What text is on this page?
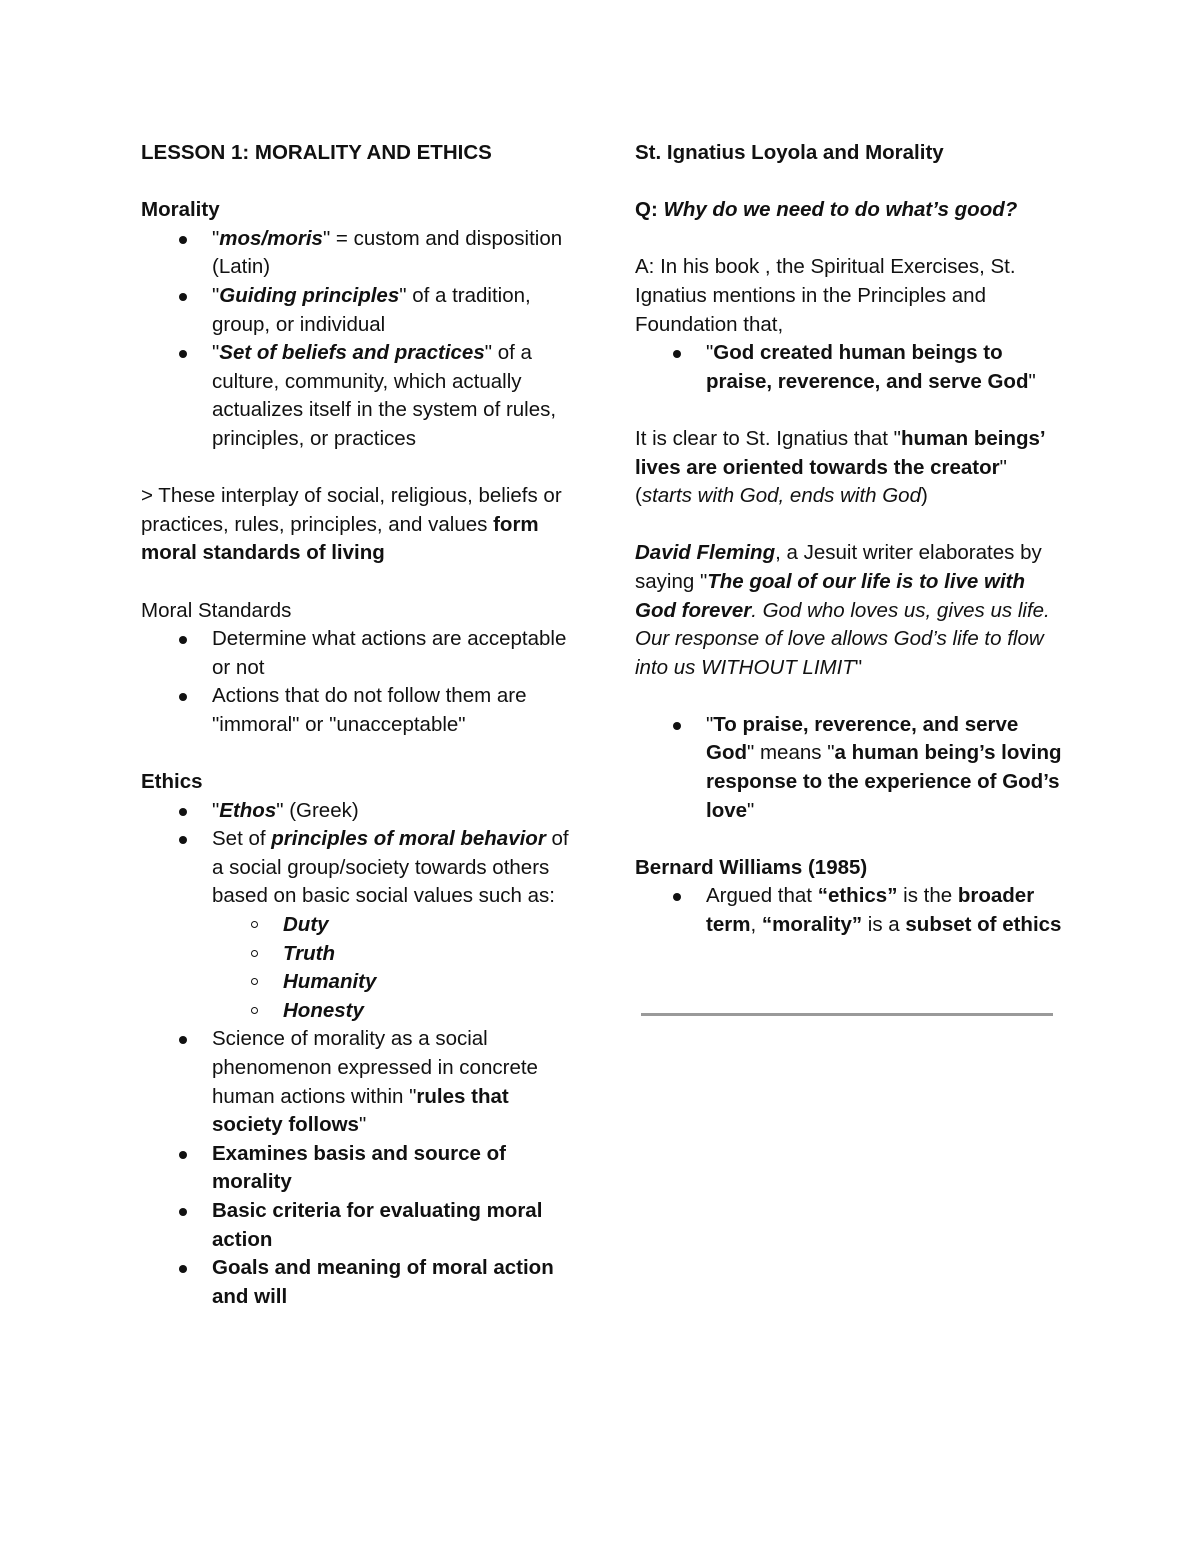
LESSON 1: MORALITY AND ETHICS

Morality

"mos/moris" = custom and disposition (Latin)
"Guiding principles" of a tradition, group, or individual
"Set of beliefs and practices" of a culture, community, which actually actualizes itself in the system of rules, principles, or practices

> These interplay of social, religious, beliefs or practices, rules, principles, and values form moral standards of living

Moral Standards

Determine what actions are acceptable or not
Actions that do not follow them are "immoral" or "unacceptable"

Ethics

"Ethos" (Greek)
Set of principles of moral behavior of a social group/society towards others based on basic social values such as:
Duty
Truth
Humanity
Honesty
Science of morality as a social phenomenon expressed in concrete human actions within "rules that society follows"
Examines basis and source of morality
Basic criteria for evaluating moral action
Goals and meaning of moral action and will

St. Ignatius Loyola and Morality

Q: Why do we need to do what’s good?

A: In his book , the Spiritual Exercises, St. Ignatius mentions in the Principles and Foundation that,

"God created human beings to praise, reverence, and serve God"

It is clear to St. Ignatius that "human beings’ lives are oriented towards the creator" (starts with God, ends with God)

David Fleming, a Jesuit writer elaborates by saying "The goal of our life is to live with God forever. God who loves us, gives us life. Our response of love allows God’s life to flow into us WITHOUT LIMIT"

"To praise, reverence, and serve God" means "a human being’s loving response to the experience of God’s love"

Bernard Williams (1985)

Argued that “ethics” is the broader term, “morality” is a subset of ethics
